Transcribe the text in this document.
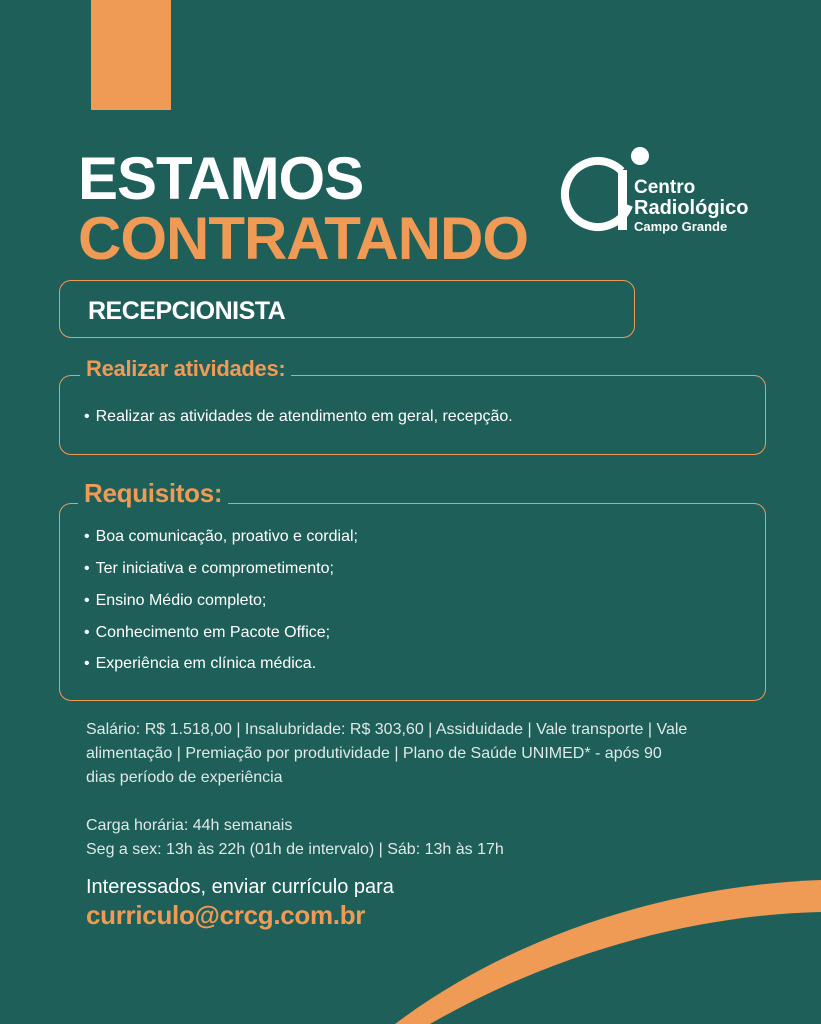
ESTAMOS
CONTRATANDO
Centro
Radiológico
Campo Grande
RECEPCIONISTA
• Realizar as atividades de atendimento em geral, recepção.
Realizar atividades:
• Boa comunicação, proativo e cordial;
• Ter iniciativa e comprometimento;
• Ensino Médio completo;
• Conhecimento em Pacote Office;
• Experiência em clínica médica.
Requisitos:
Salário: R$ 1.518,00 | Insalubridade: R$ 303,60 | Assiduidade | Vale transporte | Vale
alimentação | Premiação por produtividade | Plano de Saúde UNIMED* - após 90
dias período de experiência
Carga horária: 44h semanais
Seg a sex: 13h às 22h (01h de intervalo) | Sáb: 13h às 17h
Interessados, enviar currículo para
curriculo@crcg.com.br
